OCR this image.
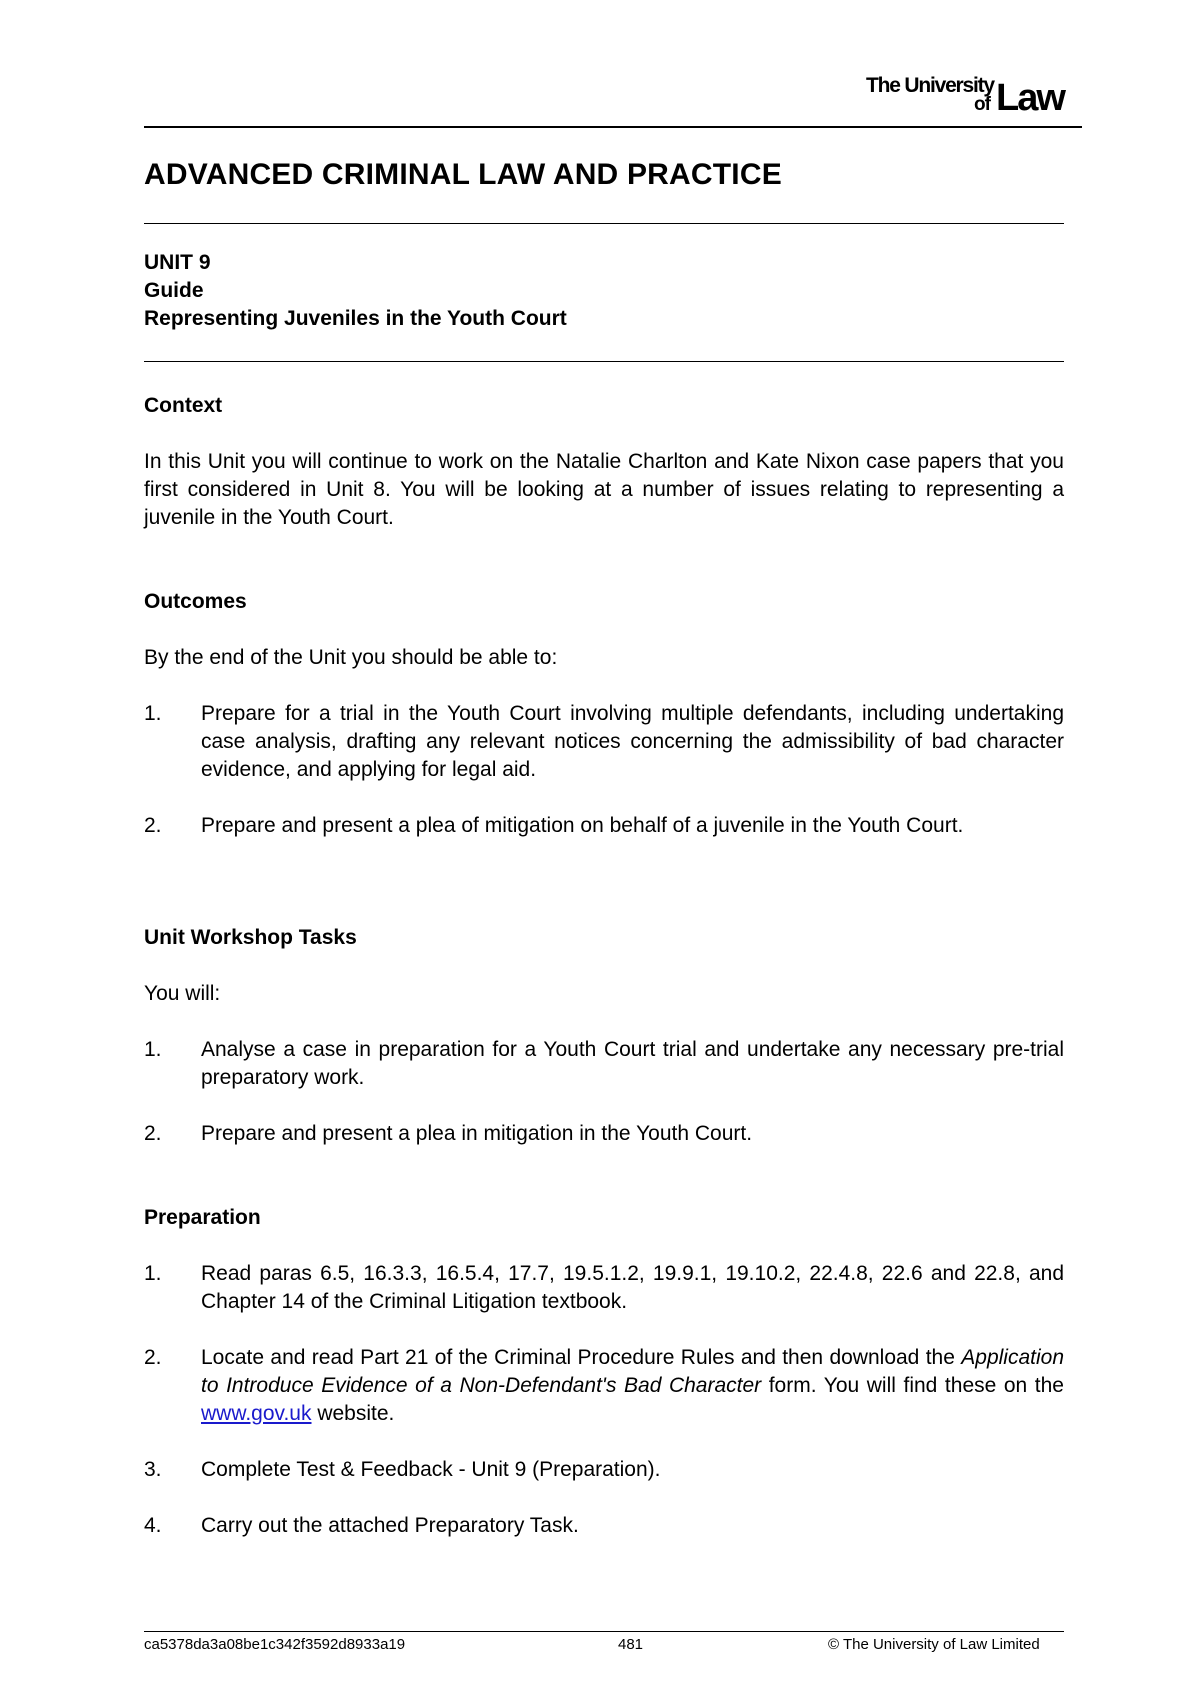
The University
of Law
ADVANCED CRIMINAL LAW AND PRACTICE
UNIT 9
Guide
Representing Juveniles in the Youth Court
Context
In this Unit you will continue to work on the Natalie Charlton and Kate Nixon case papers that you first considered in Unit 8. You will be looking at a number of issues relating to representing a juvenile in the Youth Court.
Outcomes
By the end of the Unit you should be able to:
1. Prepare for a trial in the Youth Court involving multiple defendants, including undertaking case analysis, drafting any relevant notices concerning the admissibility of bad character evidence, and applying for legal aid.
2. Prepare and present a plea of mitigation on behalf of a juvenile in the Youth Court.
Unit Workshop Tasks
You will:
1. Analyse a case in preparation for a Youth Court trial and undertake any necessary pre-trial preparatory work.
2. Prepare and present a plea in mitigation in the Youth Court.
Preparation
1. Read paras 6.5, 16.3.3, 16.5.4, 17.7, 19.5.1.2, 19.9.1, 19.10.2, 22.4.8, 22.6 and 22.8, and Chapter 14 of the Criminal Litigation textbook.
2. Locate and read Part 21 of the Criminal Procedure Rules and then download the Application to Introduce Evidence of a Non-Defendant's Bad Character form. You will find these on the www.gov.uk website.
3. Complete Test & Feedback - Unit 9 (Preparation).
4. Carry out the attached Preparatory Task.
ca5378da3a08be1c342f3592d8933a19	481	© The University of Law Limited
